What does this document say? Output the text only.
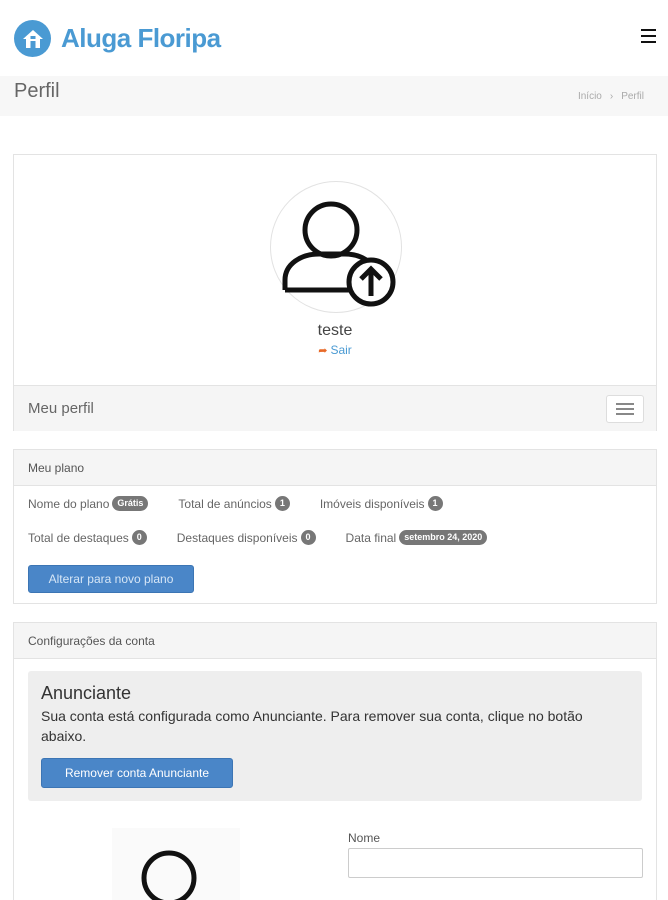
Aluga Floripa
Perfil	Início › Perfil
teste
➦ Sair
Meu perfil
Meu plano
Nome do plano Grátis	Total de anúncios 1	Imóveis disponíveis 1
Total de destaques 0	Destaques disponíveis 0	Data final setembro 24, 2020
Alterar para novo plano
Configurações da conta
Anunciante

Sua conta está configurada como Anunciante. Para remover sua conta, clique no botão abaixo.

Remover conta Anunciante
Nome
